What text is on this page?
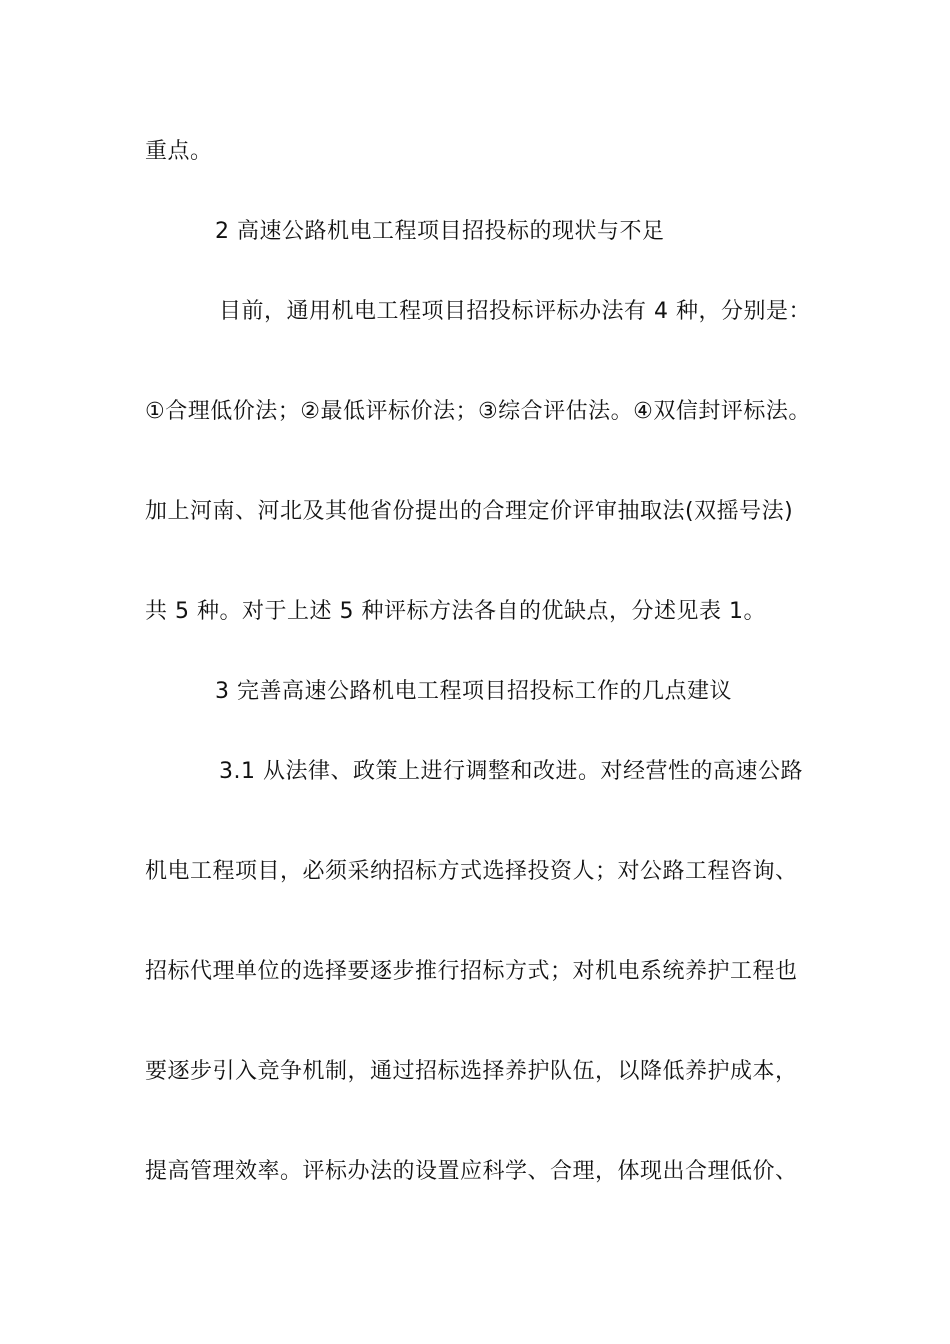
重点。
2 高速公路机电工程项目招投标的现状与不足
目前，通用机电工程项目招投标评标办法有 4 种，分别是：
①合理低价法；②最低评标价法；③综合评估法。④双信封评标法。
加上河南、河北及其他省份提出的合理定价评审抽取法(双摇号法)
共 5 种。对于上述 5 种评标方法各自的优缺点，分述见表 1。
3 完善高速公路机电工程项目招投标工作的几点建议
3.1 从法律、政策上进行调整和改进。对经营性的高速公路
机电工程项目，必须采纳招标方式选择投资人；对公路工程咨询、
招标代理单位的选择要逐步推行招标方式；对机电系统养护工程也
要逐步引入竞争机制，通过招标选择养护队伍，以降低养护成本，
提高管理效率。评标办法的设置应科学、合理，体现出合理低价、
